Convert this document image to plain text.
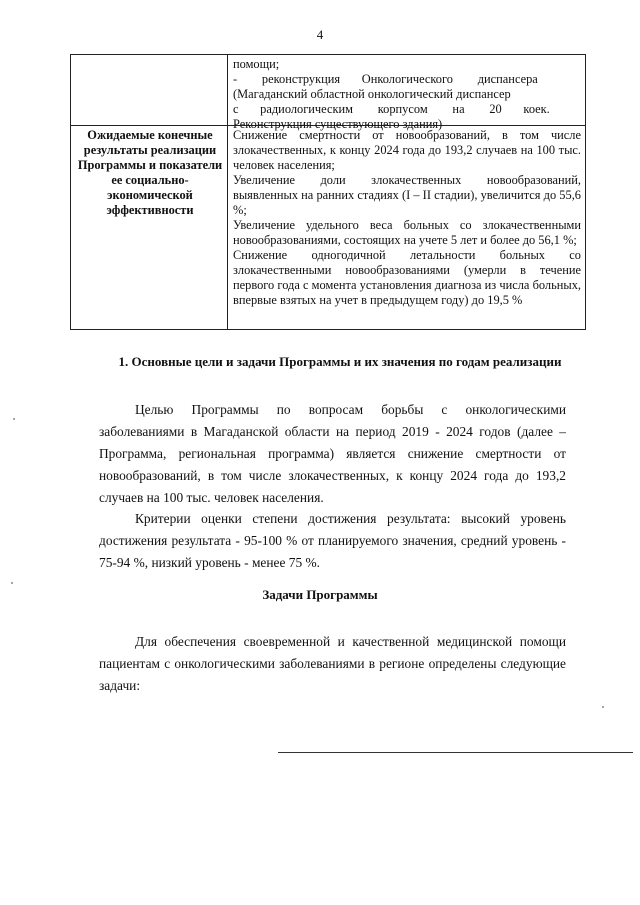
4

помощи;

-        реконструкция       Онкологического        диспансера

(Магаданский областной онкологический диспансер

с       радиологическим        корпусом        на        20       коек.

Реконструкция существующего здания)

Ожидаемые конечные результаты реализации Программы и показатели ее социально-экономической эффективности

Снижение смертности от новообразований, в том числе злокачественных, к концу 2024 года до 193,2 случаев на 100 тыс. человек населения;

Увеличение доли злокачественных новообразований, выявленных на ранних стадиях (I – II стадии), увеличится до 55,6 %;

Увеличение удельного веса больных со злокачественными новообразованиями, состоящих на учете 5 лет и более до 56,1 %;

Снижение одногодичной летальности больных со злокачественными новообразованиями (умерли в течение первого года с момента установления диагноза из числа больных, впервые взятых на учет в предыдущем году) до 19,5 %

1. Основные цели и задачи Программы и их значения по годам реализации

Целью Программы по вопросам борьбы с онкологическими заболеваниями в Магаданской области на период 2019 - 2024 годов (далее – Программа, региональная программа) является снижение смертности от новообразований, в том числе злокачественных, к концу 2024 года до 193,2 случаев на 100 тыс. человек населения.

Критерии оценки степени достижения результата: высокий уровень достижения результата - 95-100 % от планируемого значения, средний уровень - 75-94 %, низкий уровень - менее 75 %.

Задачи Программы

Для обеспечения своевременной и качественной медицинской помощи пациентам с онкологическими заболеваниями в регионе определены следующие задачи:
